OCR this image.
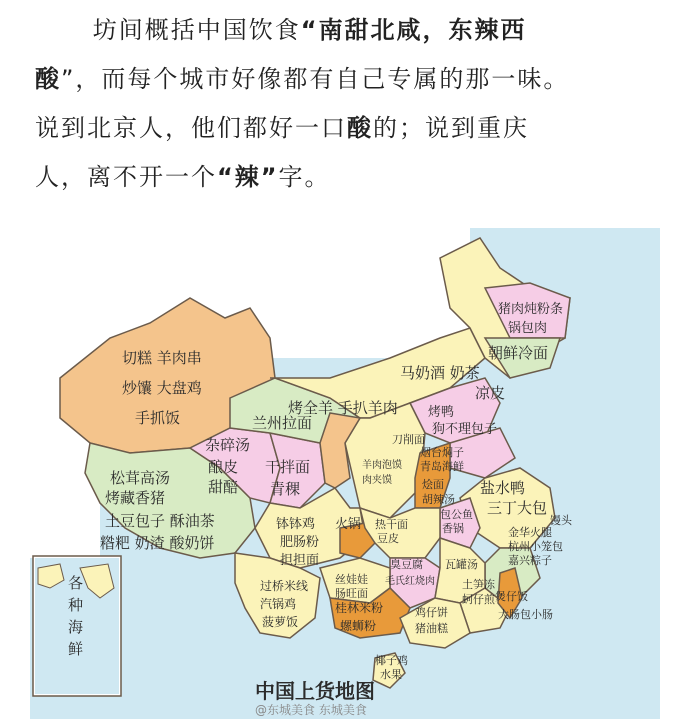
坊间概括中国饮食“南甜北咸，东辣西

酸”，而每个城市好像都有自己专属的那一味。

说到北京人，他们都好一口酸的；说到重庆

人，离不开一个“辣”字。

切糕 羊肉串
炒馕 大盘鸡
手抓饭
松茸高汤
烤藏香猪
土豆包子 酥油茶
糌粑 奶渣 酸奶饼
杂碎汤
酿皮
甜醅
干拌面
青稞
兰州拉面
烤全羊 手扒羊肉
猪肉炖粉条
锅包肉
朝鲜冷面
马奶酒 奶茶
凉皮
烤鸭
狗不理包子
烟台焖子
青岛海鲜
刀削面
羊肉泡馍
肉夹馍	烩面
胡辣汤
盐水鸭
三丁大包
金华火腿
杭州小笼包
嘉兴粽子
包公鱼
香锅
馒头
钵钵鸡
肥肠粉
担担面
火锅 热干面
豆皮
臭豆腐
毛氏红烧肉
瓦罐汤
土笋冻
蚵仔煎
过桥米线
汽锅鸡
菠萝饭
丝娃娃
肠旺面
桂林米粉
螺蛳粉
鸡仔饼
猪油糕
煲仔饭
大肠包小肠
椰子鸡
水果
各
种
海
鲜
中国上货地图
@东城美食 东城美食
